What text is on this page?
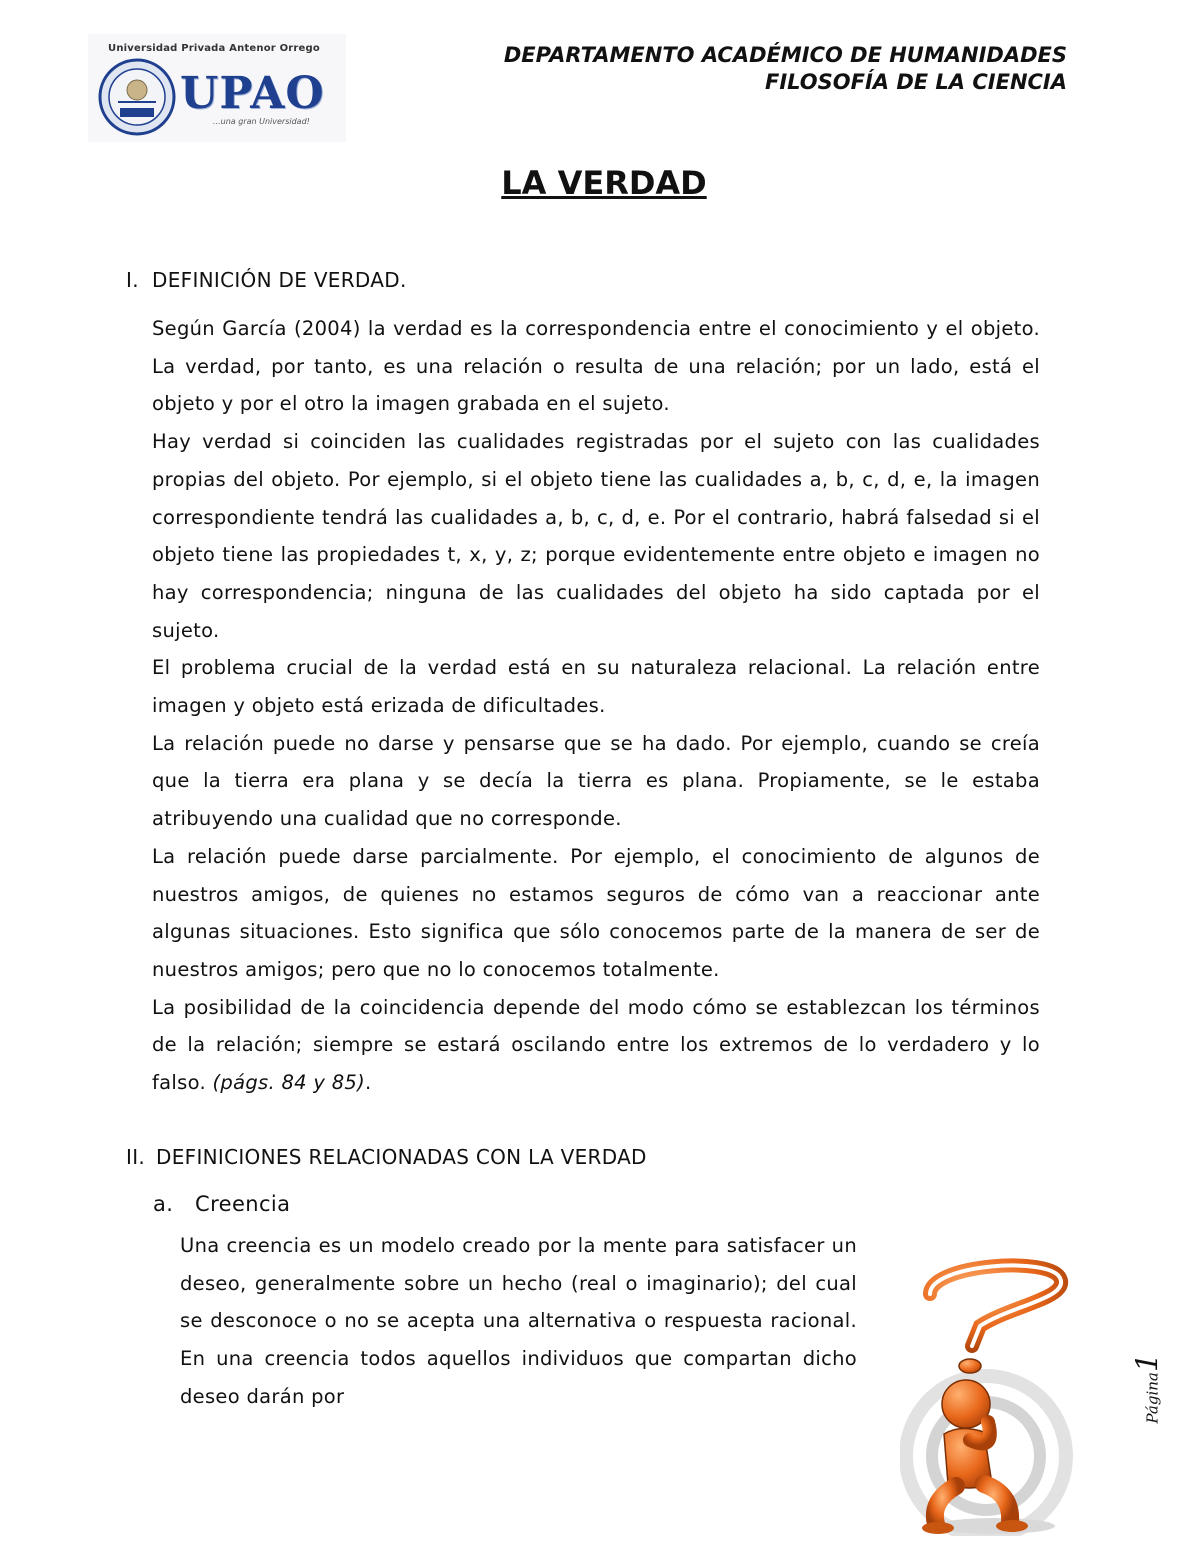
Universidad Privada Antenor Orrego
UPAO
...una gran Universidad!
DEPARTAMENTO ACADÉMICO DE HUMANIDADES
FILOSOFÍA DE LA CIENCIA
LA VERDAD
I. DEFINICIÓN DE VERDAD.

Según García (2004) la verdad es la correspondencia entre el conocimiento y el objeto. La verdad, por tanto, es una relación o resulta de una relación; por un lado, está el objeto y por el otro la imagen grabada en el sujeto.

Hay verdad si coinciden las cualidades registradas por el sujeto con las cualidades propias del objeto. Por ejemplo, si el objeto tiene las cualidades a, b, c, d, e, la imagen correspondiente tendrá las cualidades a, b, c, d, e. Por el contrario, habrá falsedad si el objeto tiene las propiedades t, x, y, z; porque evidentemente entre objeto e imagen no hay correspondencia; ninguna de las cualidades del objeto ha sido captada por el sujeto.

El problema crucial de la verdad está en su naturaleza relacional. La relación entre imagen y objeto está erizada de dificultades.

La relación puede no darse y pensarse que se ha dado. Por ejemplo, cuando se creía que la tierra era plana y se decía la tierra es plana. Propiamente, se le estaba atribuyendo una cualidad que no corresponde.

La relación puede darse parcialmente. Por ejemplo, el conocimiento de algunos de nuestros amigos, de quienes no estamos seguros de cómo van a reaccionar ante algunas situaciones. Esto significa que sólo conocemos parte de la manera de ser de nuestros amigos; pero que no lo conocemos totalmente.

La posibilidad de la coincidencia depende del modo cómo se establezcan los términos de la relación; siempre se estará oscilando entre los extremos de lo verdadero y lo falso. (págs. 84 y 85).

II. DEFINICIONES RELACIONADAS CON LA VERDAD
a. Creencia

Una creencia es un modelo creado por la mente para satisfacer un deseo, generalmente sobre un hecho (real o imaginario); del cual se desconoce o no se acepta una alternativa o respuesta racional. En una creencia todos aquellos individuos que compartan dicho deseo darán por	Página1
